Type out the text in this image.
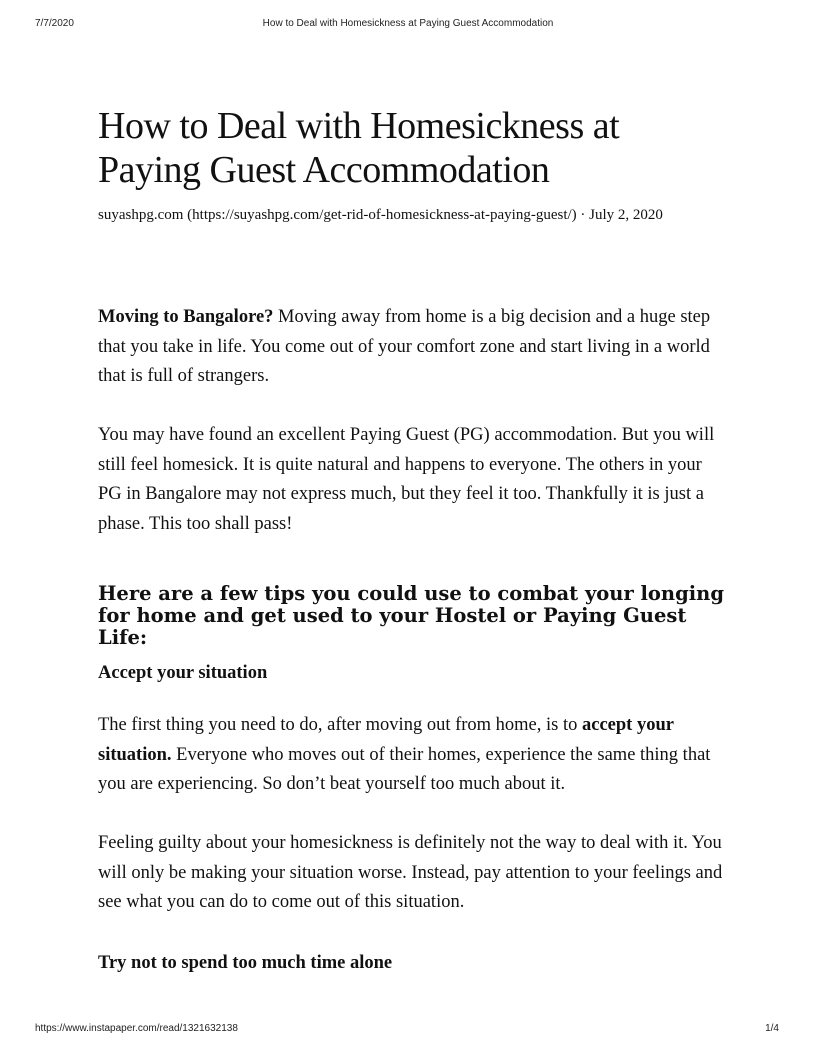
7/7/2020	How to Deal with Homesickness at Paying Guest Accommodation
How to Deal with Homesickness at Paying Guest Accommodation
suyashpg.com (https://suyashpg.com/get-rid-of-homesickness-at-paying-guest/) · July 2, 2020

Moving to Bangalore? Moving away from home is a big decision and a huge step that you take in life. You come out of your comfort zone and start living in a world that is full of strangers.

You may have found an excellent Paying Guest (PG) accommodation. But you will still feel homesick. It is quite natural and happens to everyone. The others in your PG in Bangalore may not express much, but they feel it too. Thankfully it is just a phase. This too shall pass!

Here are a few tips you could use to combat your longing for home and get used to your Hostel or Paying Guest Life:
Accept your situation

The first thing you need to do, after moving out from home, is to accept your situation. Everyone who moves out of their homes, experience the same thing that you are experiencing. So don’t beat yourself too much about it.

Feeling guilty about your homesickness is definitely not the way to deal with it. You will only be making your situation worse. Instead, pay attention to your feelings and see what you can do to come out of this situation.

Try not to spend too much time alone
https://www.instapaper.com/read/1321632138	1/4
